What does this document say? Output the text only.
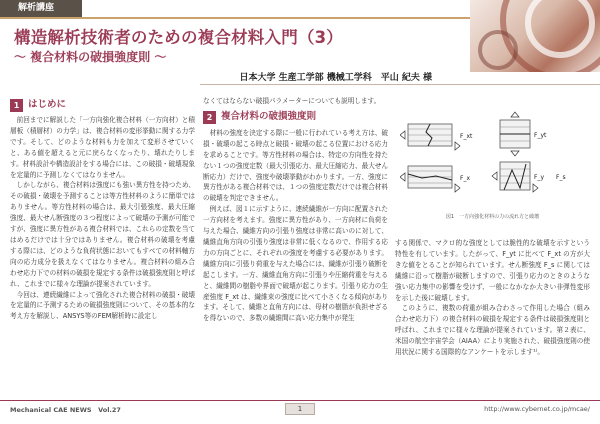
解析講座
構造解析技術者のための複合材料入門（3）
～ 複合材料の破損強度則 ～
日本大学 生産工学部 機械工学科　平山 紀夫 様
1 はじめに

前回までに解説した「一方向強化複合材料（一方向材）と積層板（積層材）の力学」は、複合材料の変形挙動に関する力学です。そして、どのような材料も力を加えて変形させていくと、ある値を超えると元に戻らなくなったり、壊れたりします。材料設計や構造設計をする場合には、この破損・破壊現象を定量的に予測しなくてはなりません。

しかしながら、複合材料は強度にも強い異方性を持つため、その破損・破壊を予測することは等方性材料のように簡単ではありません。等方性材料の場合は、最大引張強度、最大圧縮強度、最大せん断強度の３つ程度によって破壊の予測が可能ですが、強度に異方性がある複合材料では、これらの定数を当てはめるだけでは十分ではありません。複合材料の破壊を考慮する際には、どのような負荷状態においてもすべての材料軸方向の応力成分を扱えなくてはなりません。複合材料の組み合わせ応力下での材料の破損を規定する条件は破損強度則と呼ばれ、これまでに様々な理論が提案されています。

今回は、連続繊維によって強化された複合材料の破損・破壊を定量的に予測するための破損強度則について、その基本的な考え方を解説し、ANSYS等のFEM解析時に設定し

なくてはならない破損パラメーターについても説明します。

2 複合材料の破損強度則

材料の強度を決定する際に一般に行われている考え方は、破損・破壊の起こる時点と破損・破壊の起こる位置における応力を求めることです。等方性材料の場合は、特定の方向性を持たない１つの強度定数（最大引張応力、最大圧縮応力、最大せん断応力）だけで、強度や破壊挙動がわかります。一方、強度に異方性がある複合材料では、１つの強度定数だけでは複合材料の破壊を判定できません。

例えば、図１に示すように、連続繊維が一方向に配置された一方向材を考えます。強度に異方性があり、一方向材に負荷を与えた場合、繊維方向の引張り強度は非常に高いのに対して、繊維直角方向の引張り強度は非常に低くなるので、作用する応力の方向ごとに、それぞれの強度を考慮する必要があります。繊維方向に引張り荷重を与えた場合には、繊維が引張り破断を起こします。一方、繊維直角方向に引張りや圧縮荷重を与えると、繊維間の樹脂や界面で破壊が起こります。引張り応力の生産強度 F_xt は、繊維束の強度に比べて小さくなる傾向があります。そして、繊維と直角方向には、母材の樹脂が負担せざるを得ないので、多数の繊維間に高い応力集中が発生

F_xt
F_x
F_yt
F_y F_s
図1　一方向強化材料の力の流れ方と破壊

する関係で、マクロ的な強度としては脆性的な破壊を示すという特性を有しています。したがって、F_yt に比べて F_xt の方が大きな値をとることが知られています。せん断強度 F_s に関しては繊維に沿って樹脂が破断しますので、引張り応力のときのような強い応力集中の影響を受けず、一般になかなか大きい非弾性変形を示した後に破壊します。

このように、複数の荷重が組み合わさって作用した場合（組み合わせ応力下）の複合材料の破損を規定する条件は破損強度則と呼ばれ、これまでに様々な理論が提案されています。第２表に、米国の航空宇宙学会（AIAA）により実施された、破損強度則の使用状況に関する国際的なアンケートを示します¹⁾。

Mechanical CAE NEWS　Vol.27	1	http://www.cybernet.co.jp/mcae/
